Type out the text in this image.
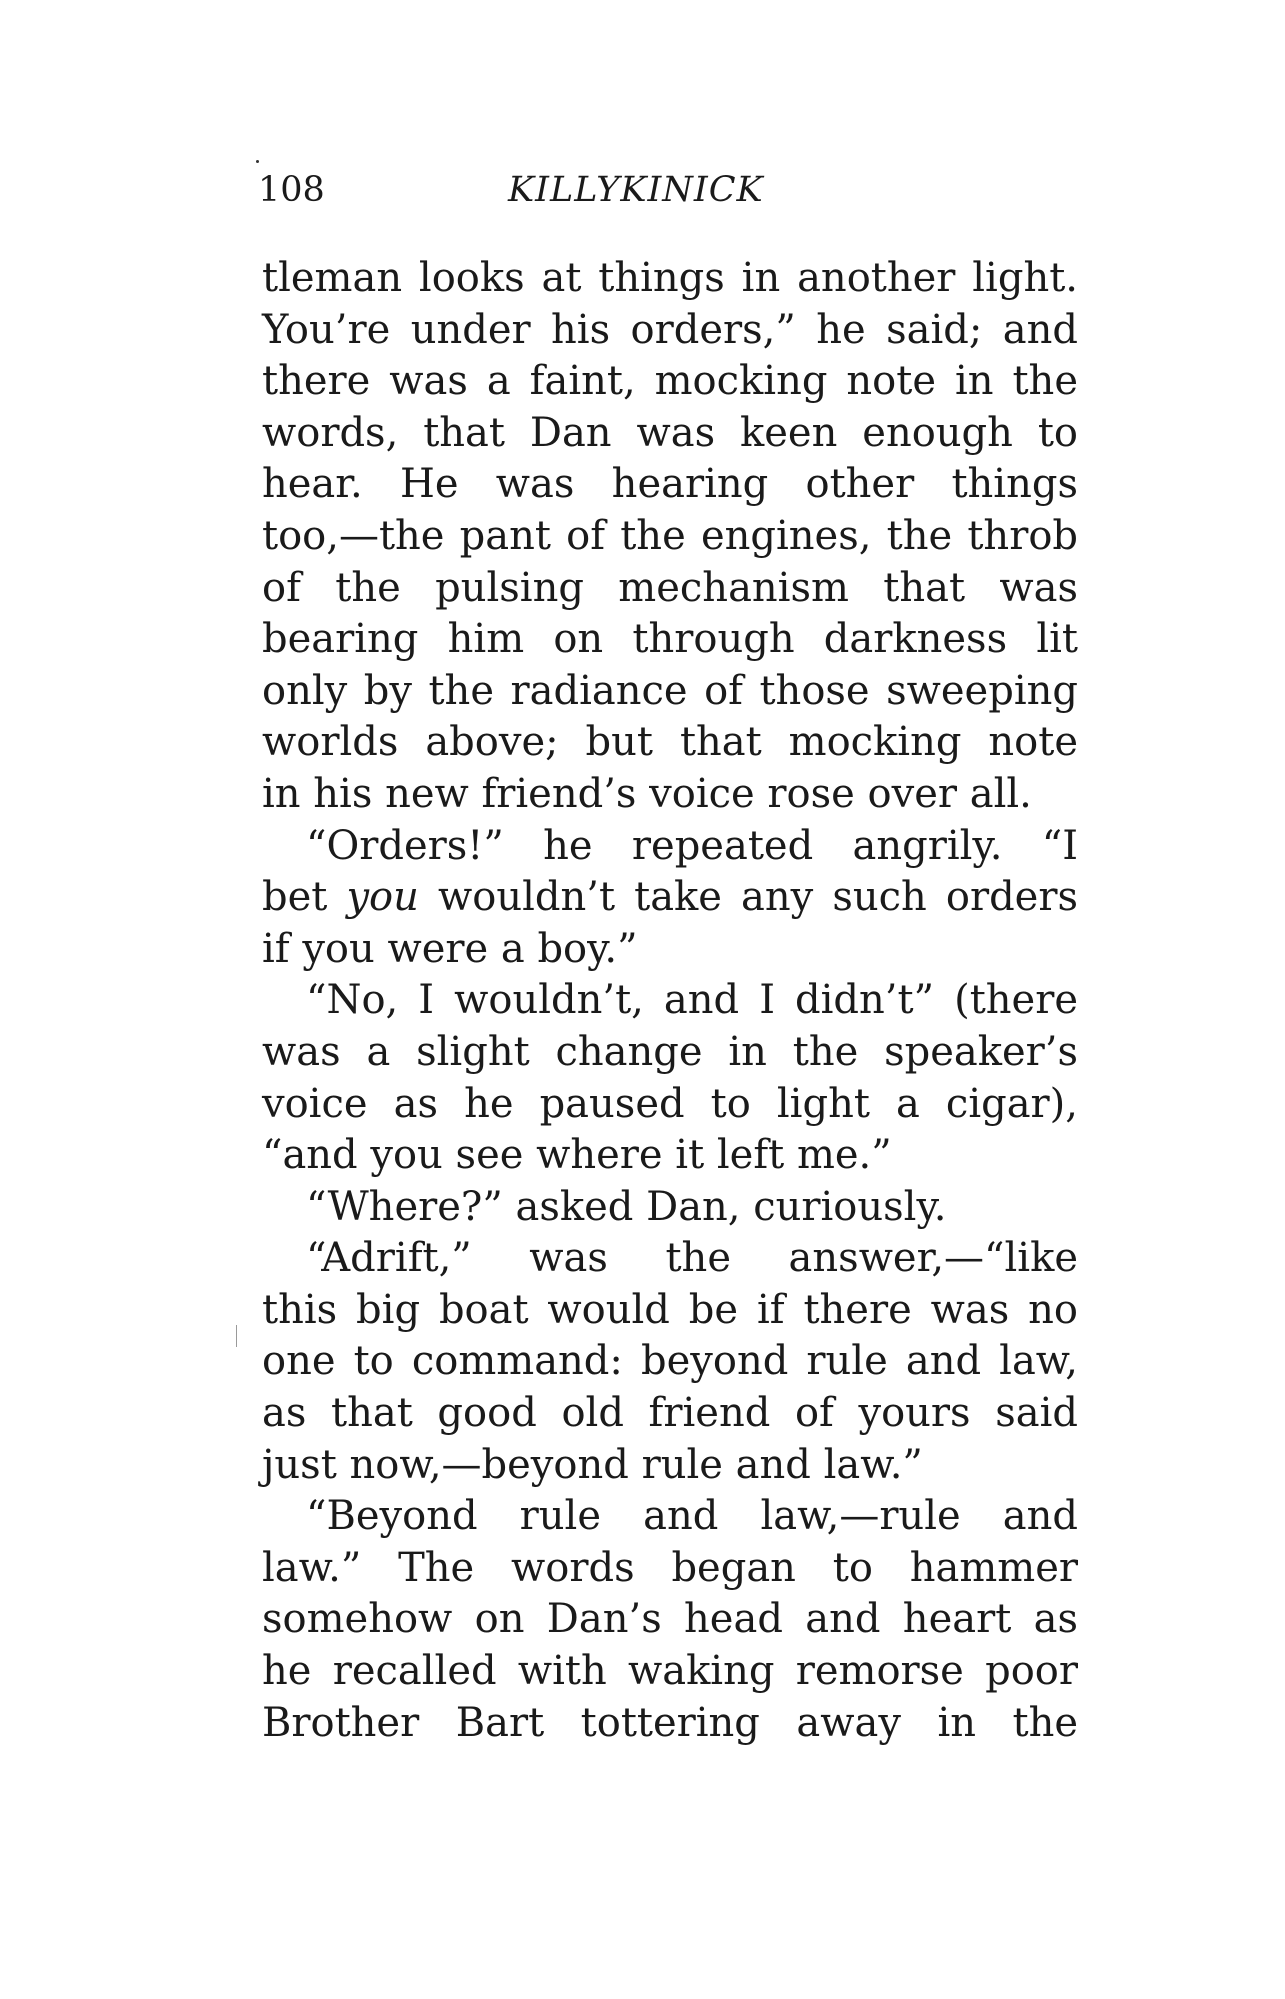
108	KILLYKINICK
tleman looks at things in another light.
You’re under his orders,” he said; and
there was a faint, mocking note in the
words, that Dan was keen enough to
hear. He was hearing other things
too,—the pant of the engines, the throb
of the pulsing mechanism that was
bearing him on through darkness lit
only by the radiance of those sweeping
worlds above; but that mocking note
in his new friend’s voice rose over all.
“Orders!” he repeated angrily. “I
bet you wouldn’t take any such orders
if you were a boy.”
“No, I wouldn’t, and I didn’t” (there
was a slight change in the speaker’s
voice as he paused to light a cigar),
“and you see where it left me.”
“Where?” asked Dan, curiously.
“Adrift,” was the answer,—“like
this big boat would be if there was no
one to command: beyond rule and law,
as that good old friend of yours said
just now,—beyond rule and law.”
“Beyond rule and law,—rule and
law.” The words began to hammer
somehow on Dan’s head and heart as
he recalled with waking remorse poor
Brother Bart tottering away in the
